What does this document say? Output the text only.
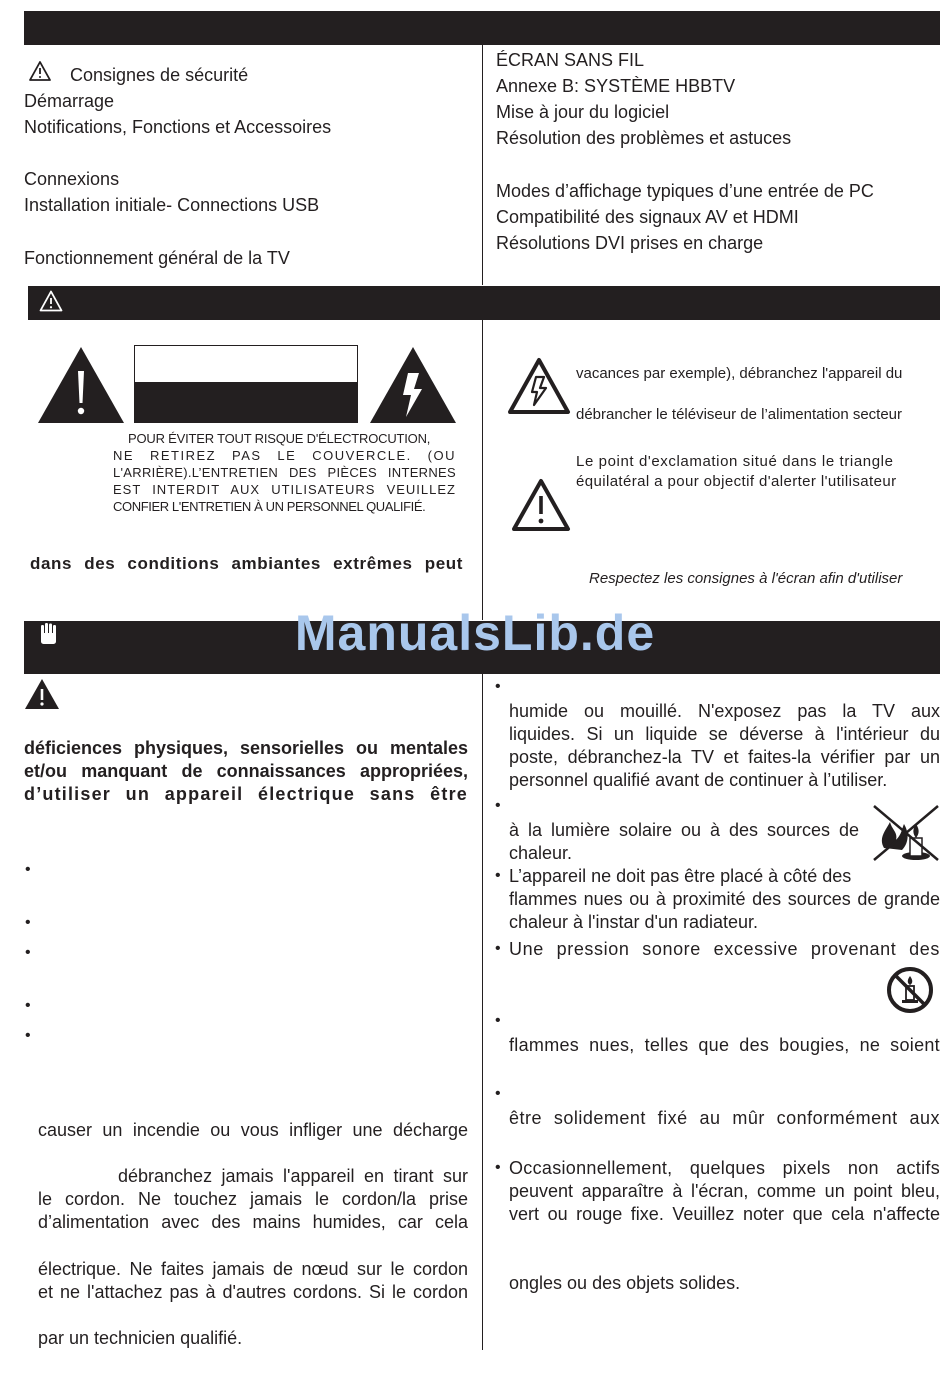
Consignes de sécurité
Démarrage
Notifications, Fonctions et Accessoires
Connexions
Installation initiale- Connections USB
Fonctionnement général de la TV
ÉCRAN SANS FIL
Annexe B: SYSTÈME HBBTV
Mise à jour du logiciel
Résolution des problèmes et astuces
Modes d’affichage typiques d’une entrée de PC
Compatibilité des signaux AV et HDMI
Résolutions DVI prises en charge
POUR ÉVITER TOUT RISQUE D'ÉLECTROCUTION,
NE RETIREZ PAS LE COUVERCLE. (OU
L'ARRIÈRE).L’ENTRETIEN DES PIÈCES INTERNES
EST INTERDIT AUX UTILISATEURS VEUILLEZ
CONFIER L'ENTRETIEN À UN PERSONNEL QUALIFIÉ.
dans des conditions ambiantes extrêmes peut
vacances par exemple), débranchez l'appareil du
débrancher le téléviseur de l’alimentation secteur
Le point d'exclamation situé dans le triangle
équilatéral a pour objectif d'alerter l'utilisateur
Respectez les consignes à l'écran afin d'utiliser
ManualsLib.de
déficiences physiques, sensorielles ou mentales
et/ou manquant de connaissances appropriées,
d’utiliser un appareil électrique sans être
•
•
•
•
•
causer un incendie ou vous infliger une décharge
débranchez jamais l'appareil en tirant sur
le cordon. Ne touchez jamais le cordon/la prise
d’alimentation avec des mains humides, car cela
électrique. Ne faites jamais de nœud sur le cordon
et ne l'attachez pas à d'autres cordons. Si le cordon
par un technicien qualifié.
•
humide ou mouillé. N'exposez pas la TV aux
liquides. Si un liquide se déverse à l'intérieur du
poste, débranchez-la TV et faites-la vérifier par un
personnel qualifié avant de continuer à l’utiliser.
•
à la lumière solaire ou à des sources de
chaleur.
• L’appareil ne doit pas être placé à côté des
flammes nues ou à proximité des sources de grande
chaleur à l'instar d'un radiateur.
• Une pression sonore excessive provenant des
•
flammes nues, telles que des bougies, ne soient
•
être solidement fixé au mûr conformément aux
• Occasionnellement, quelques pixels non actifs
peuvent apparaître à l'écran, comme un point bleu,
vert ou rouge fixe. Veuillez noter que cela n'affecte
ongles ou des objets solides.
